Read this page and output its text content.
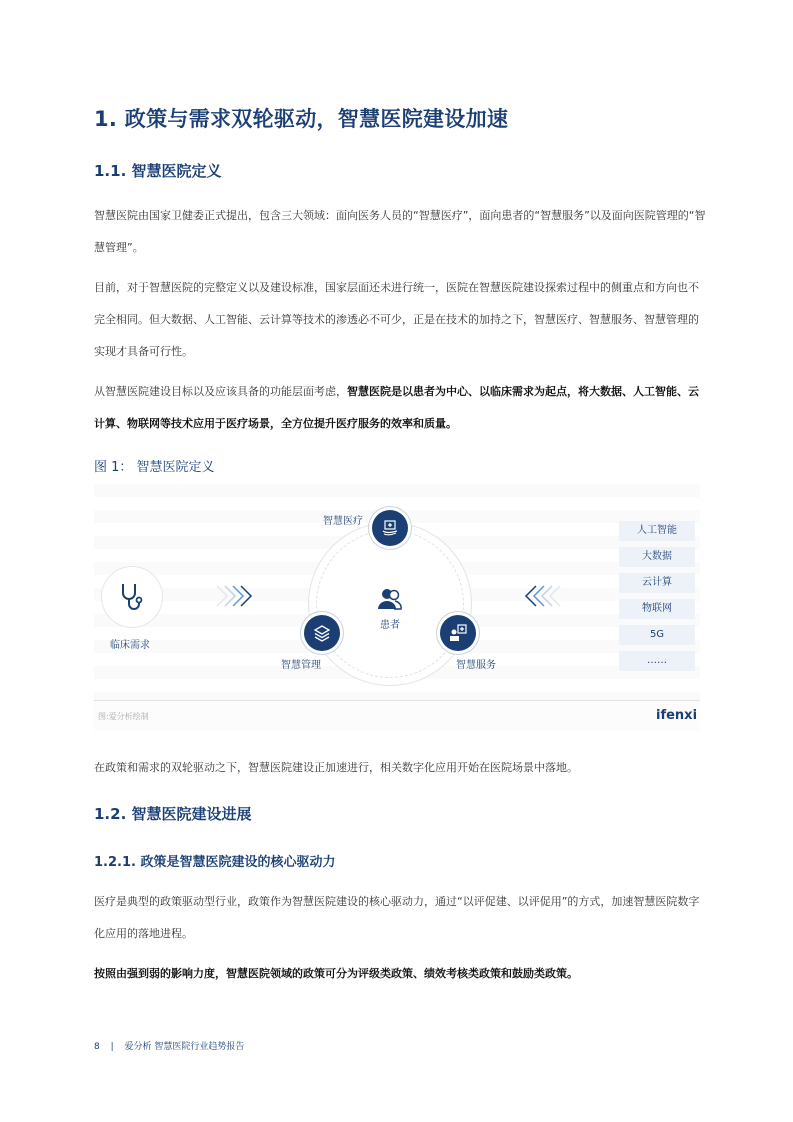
1. 政策与需求双轮驱动，智慧医院建设加速
1.1. 智慧医院定义
智慧医院由国家卫健委正式提出，包含三大领域：面向医务人员的“智慧医疗”，面向患者的“智慧服务”以及面向医院管理的“智慧管理”。
目前，对于智慧医院的完整定义以及建设标准，国家层面还未进行统一，医院在智慧医院建设探索过程中的侧重点和方向也不完全相同。但大数据、人工智能、云计算等技术的渗透必不可少，正是在技术的加持之下，智慧医疗、智慧服务、智慧管理的实现才具备可行性。
从智慧医院建设目标以及应该具备的功能层面考虑，智慧医院是以患者为中心、以临床需求为起点，将大数据、人工智能、云计算、物联网等技术应用于医疗场景，全方位提升医疗服务的效率和质量。
图 1： 智慧医院定义
临床需求
患者
智慧医疗
智慧管理	智慧服务
人工智能
大数据
云计算
物联网
5G
……
图:爱分析绘制	ifenxi
在政策和需求的双轮驱动之下，智慧医院建设正加速进行，相关数字化应用开始在医院场景中落地。
1.2. 智慧医院建设进展
1.2.1. 政策是智慧医院建设的核心驱动力
医疗是典型的政策驱动型行业，政策作为智慧医院建设的核心驱动力，通过“以评促建、以评促用”的方式，加速智慧医院数字化应用的落地进程。
按照由强到弱的影响力度，智慧医院领域的政策可分为评级类政策、绩效考核类政策和鼓励类政策。
8 | 爱分析 智慧医院行业趋势报告
